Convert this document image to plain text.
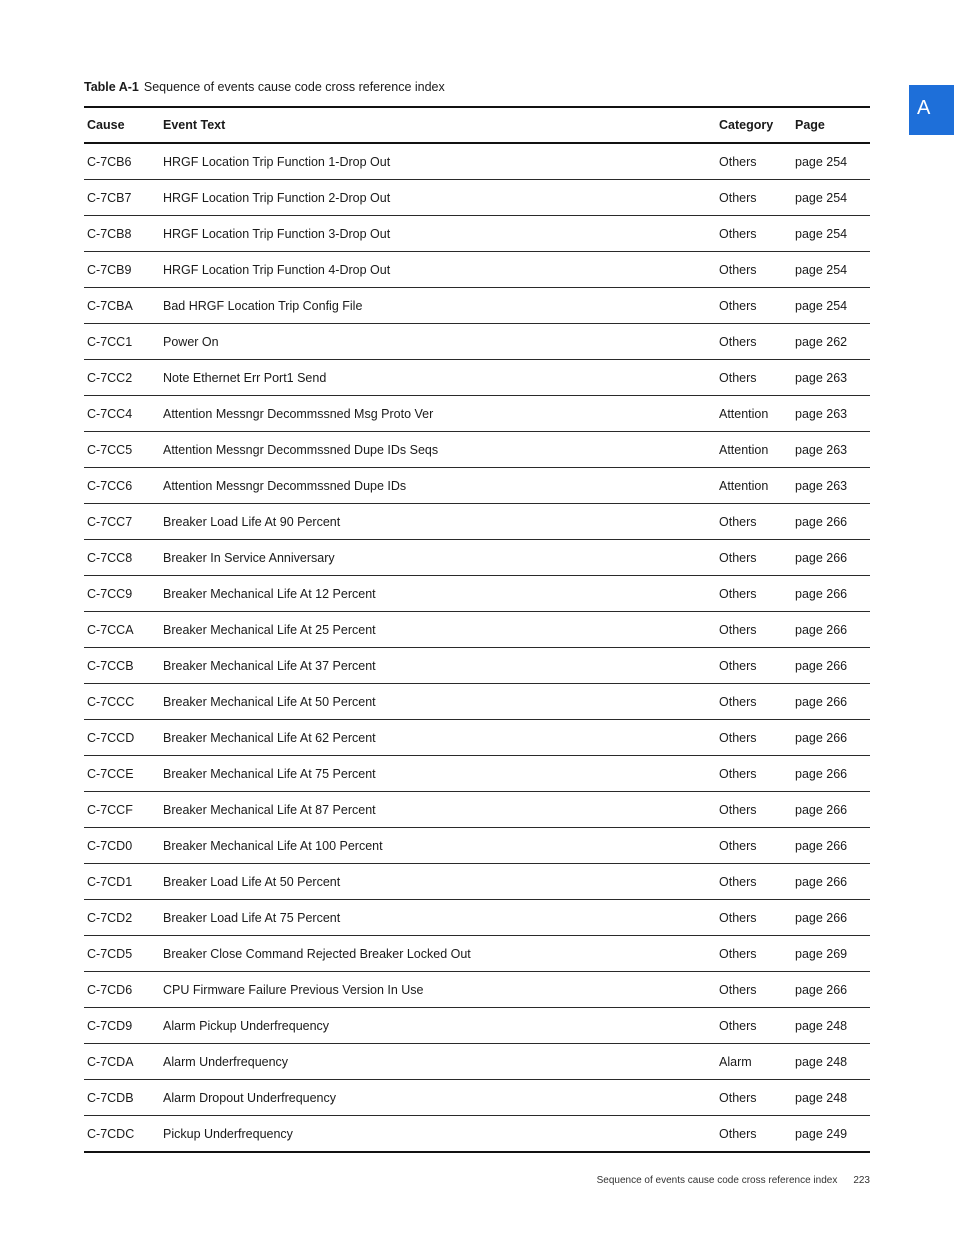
Table A-1 Sequence of events cause code cross reference index
A
Cause	Event Text	Category	Page
C-7CB6	HRGF Location Trip Function 1-Drop Out	Others	page 254
C-7CB7	HRGF Location Trip Function 2-Drop Out	Others	page 254
C-7CB8	HRGF Location Trip Function 3-Drop Out	Others	page 254
C-7CB9	HRGF Location Trip Function 4-Drop Out	Others	page 254
C-7CBA	Bad HRGF Location Trip Config File	Others	page 254
C-7CC1	Power On	Others	page 262
C-7CC2	Note Ethernet Err Port1 Send	Others	page 263
C-7CC4	Attention Messngr Decommssned Msg Proto Ver	Attention	page 263
C-7CC5	Attention Messngr Decommssned Dupe IDs Seqs	Attention	page 263
C-7CC6	Attention Messngr Decommssned Dupe IDs	Attention	page 263
C-7CC7	Breaker Load Life At 90 Percent	Others	page 266
C-7CC8	Breaker In Service Anniversary	Others	page 266
C-7CC9	Breaker Mechanical Life At 12 Percent	Others	page 266
C-7CCA	Breaker Mechanical Life At 25 Percent	Others	page 266
C-7CCB	Breaker Mechanical Life At 37 Percent	Others	page 266
C-7CCC	Breaker Mechanical Life At 50 Percent	Others	page 266
C-7CCD	Breaker Mechanical Life At 62 Percent	Others	page 266
C-7CCE	Breaker Mechanical Life At 75 Percent	Others	page 266
C-7CCF	Breaker Mechanical Life At 87 Percent	Others	page 266
C-7CD0	Breaker Mechanical Life At 100 Percent	Others	page 266
C-7CD1	Breaker Load Life At 50 Percent	Others	page 266
C-7CD2	Breaker Load Life At 75 Percent	Others	page 266
C-7CD5	Breaker Close Command Rejected Breaker Locked Out	Others	page 269
C-7CD6	CPU Firmware Failure Previous Version In Use	Others	page 266
C-7CD9	Alarm Pickup Underfrequency	Others	page 248
C-7CDA	Alarm Underfrequency	Alarm	page 248
C-7CDB	Alarm Dropout Underfrequency	Others	page 248
C-7CDC	Pickup Underfrequency	Others	page 249
Sequence of events cause code cross reference index 223
